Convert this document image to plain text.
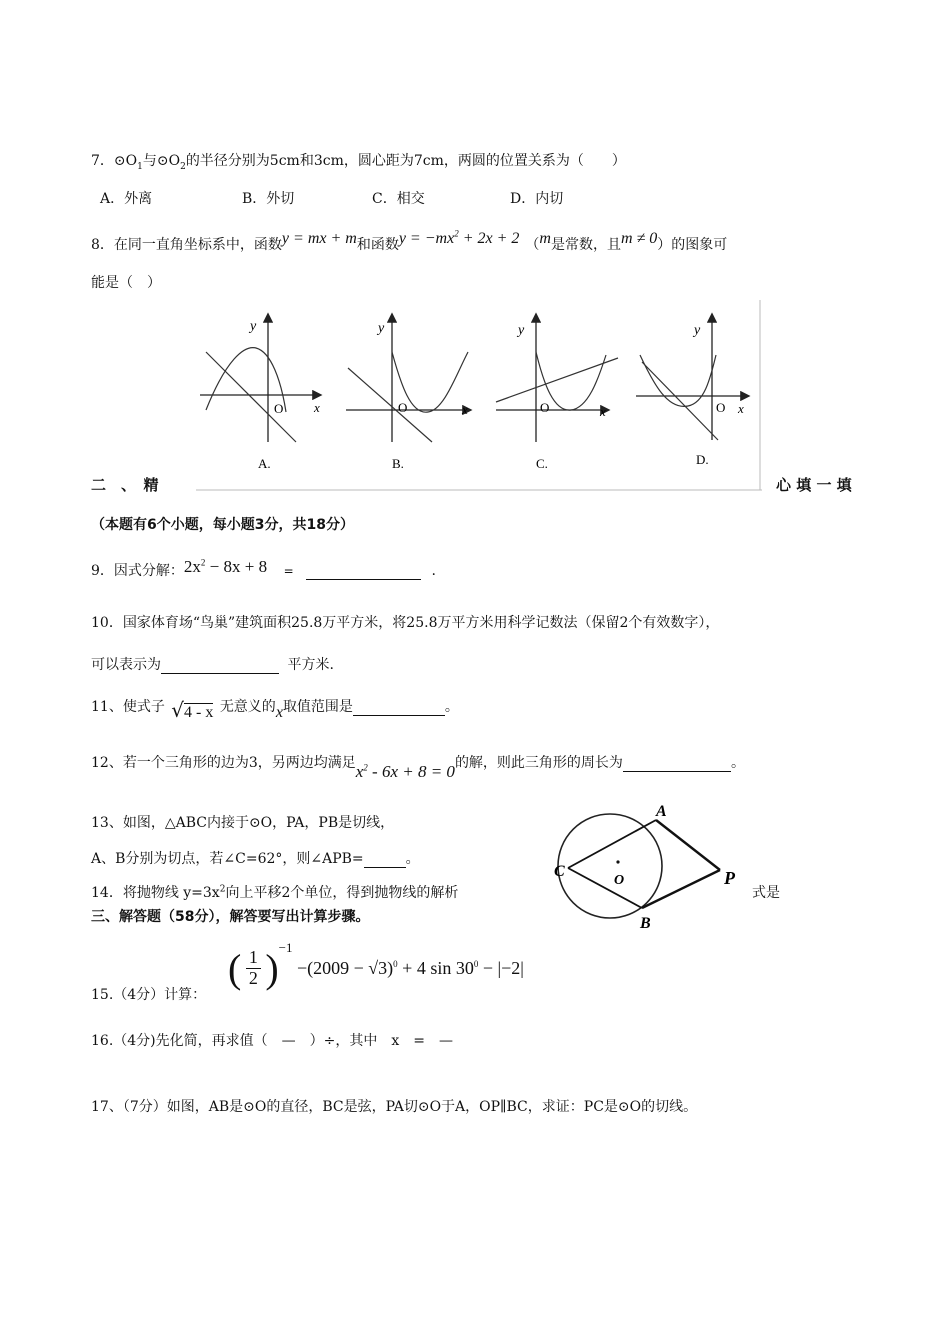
7．$⊙O_1$与$⊙O_2$的半径分别为5cm和3cm，圆心距为7cm，两圆的位置关系为（　　）
A．外离	B．外切	C．相交	D．内切
8．在同一直角坐标系中，函数y = mx + m和函数$y = -mx^2 + 2x + 2$ （m是常数，且m ≠ 0）的图象可
能是（　）
y
x
O
A.
y
x
O
B.
y
x
O
C.
y
x
O
D.
二　、　精	心 填 一 填
（本题有6个小题，每小题3分，共18分）
9．因式分解：$2x^2 - 8x + 8$ =	.
10．国家体育场“鸟巢”建筑面积25.8万平方米，将25.8万平方米用科学记数法（保留2个有效数字），
可以表示为	平方米.
11、使式子 √4 - x 无意义的x取值范围是	。
12、若一个三角形的边为3，另两边均满足$x^2 - 6x + 8 = 0$的解，则此三角形的周长为	。
13、如图，△ABC内接于⊙O，PA，PB是切线，
A、B分别为切点，若∠C=62°，则∠APB=	。
A
B
C	P
O
14．将抛物线 $y=3x^2$向上平移2个单位，得到抛物线的解析	式是
三、解答题（58分），解答要写出计算步骤。
15.（4分）计算：
( $\frac{1}{2} )^{-1} -(2009 - √3)^0 + 4$ $\sin 30^0 - |-2|$
16.（4分)先化简，再求值（　—　）÷，其中　x　=　—
17、（7分）如图，AB是⊙O的直径，BC是弦，PA切⊙O于A，OP∥BC，求证：PC是⊙O的切线。
